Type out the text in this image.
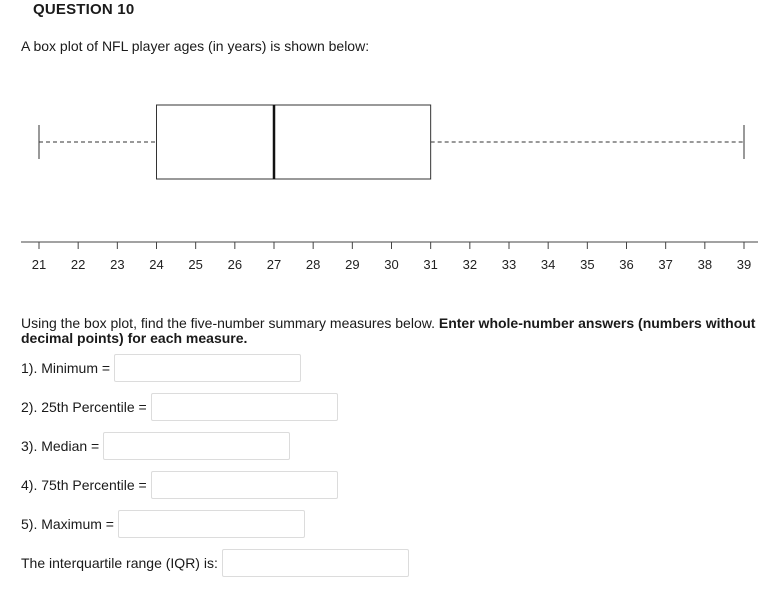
QUESTION 10
A box plot of NFL player ages (in years) is shown below:
21 22 23 24 25 26 27 28 29 30 31 32 33 34 35 36 37 38 39
Using the box plot, find the five-number summary measures below. Enter whole-number answers (numbers without decimal points) for each measure.
1). Minimum =
2). 25th Percentile =
3). Median =
4). 75th Percentile =
5). Maximum =
The interquartile range (IQR) is:
